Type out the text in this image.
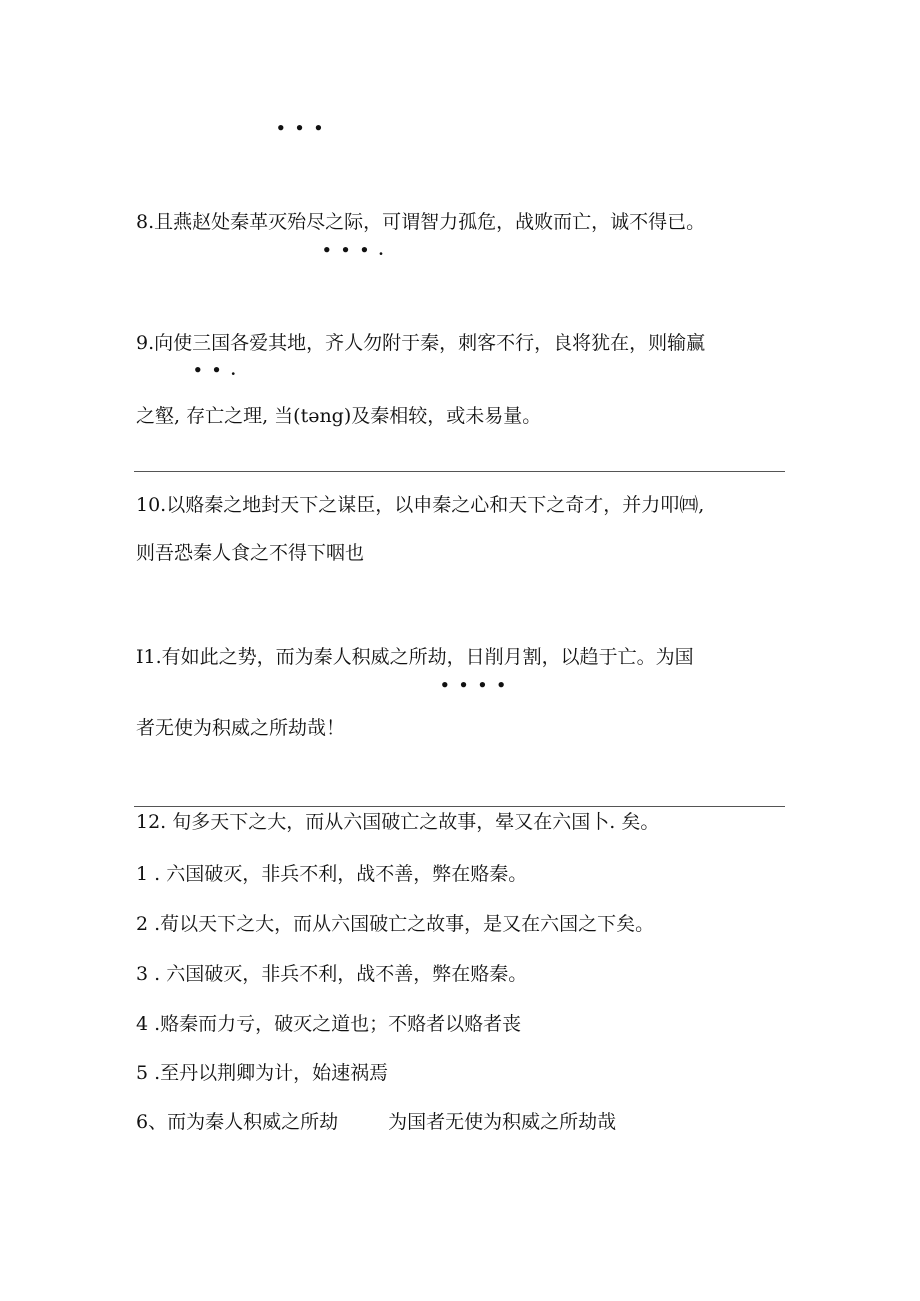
• • •
8.且燕赵处秦革灭殆尽之际，可谓智力孤危，战败而亡，诚不得已。
• • • .
9.向使三国各爱其地，齐人勿附于秦，刺客不行，良将犹在，则输赢
• • .
之壑, 存亡之理, 当(tǝng)及秦相较，或未易量。
10.以赂秦之地封天下之谋臣，以申秦之心和天下之奇才，并力叩㈣,
则吾恐秦人食之不得下咽也
I1.有如此之势，而为秦人积威之所劫，日削月割，以趋于亡。为国
• • • •
者无使为积威之所劫哉！
12. 旬多天下之大，而从六国破亡之故事，晕又在六国卜. 矣。
1 . 六国破灭，非兵不利，战不善，弊在赂秦。
2 .荀以天下之大，而从六国破亡之故事，是又在六国之下矣。
3 . 六国破灭，非兵不利，战不善，弊在赂秦。
4 .赂秦而力亏，破灭之道也；不赂者以赂者丧
5 .至丹以荆卿为计，始速祸焉
6、而为秦人积威之所劫	为国者无使为积威之所劫哉
